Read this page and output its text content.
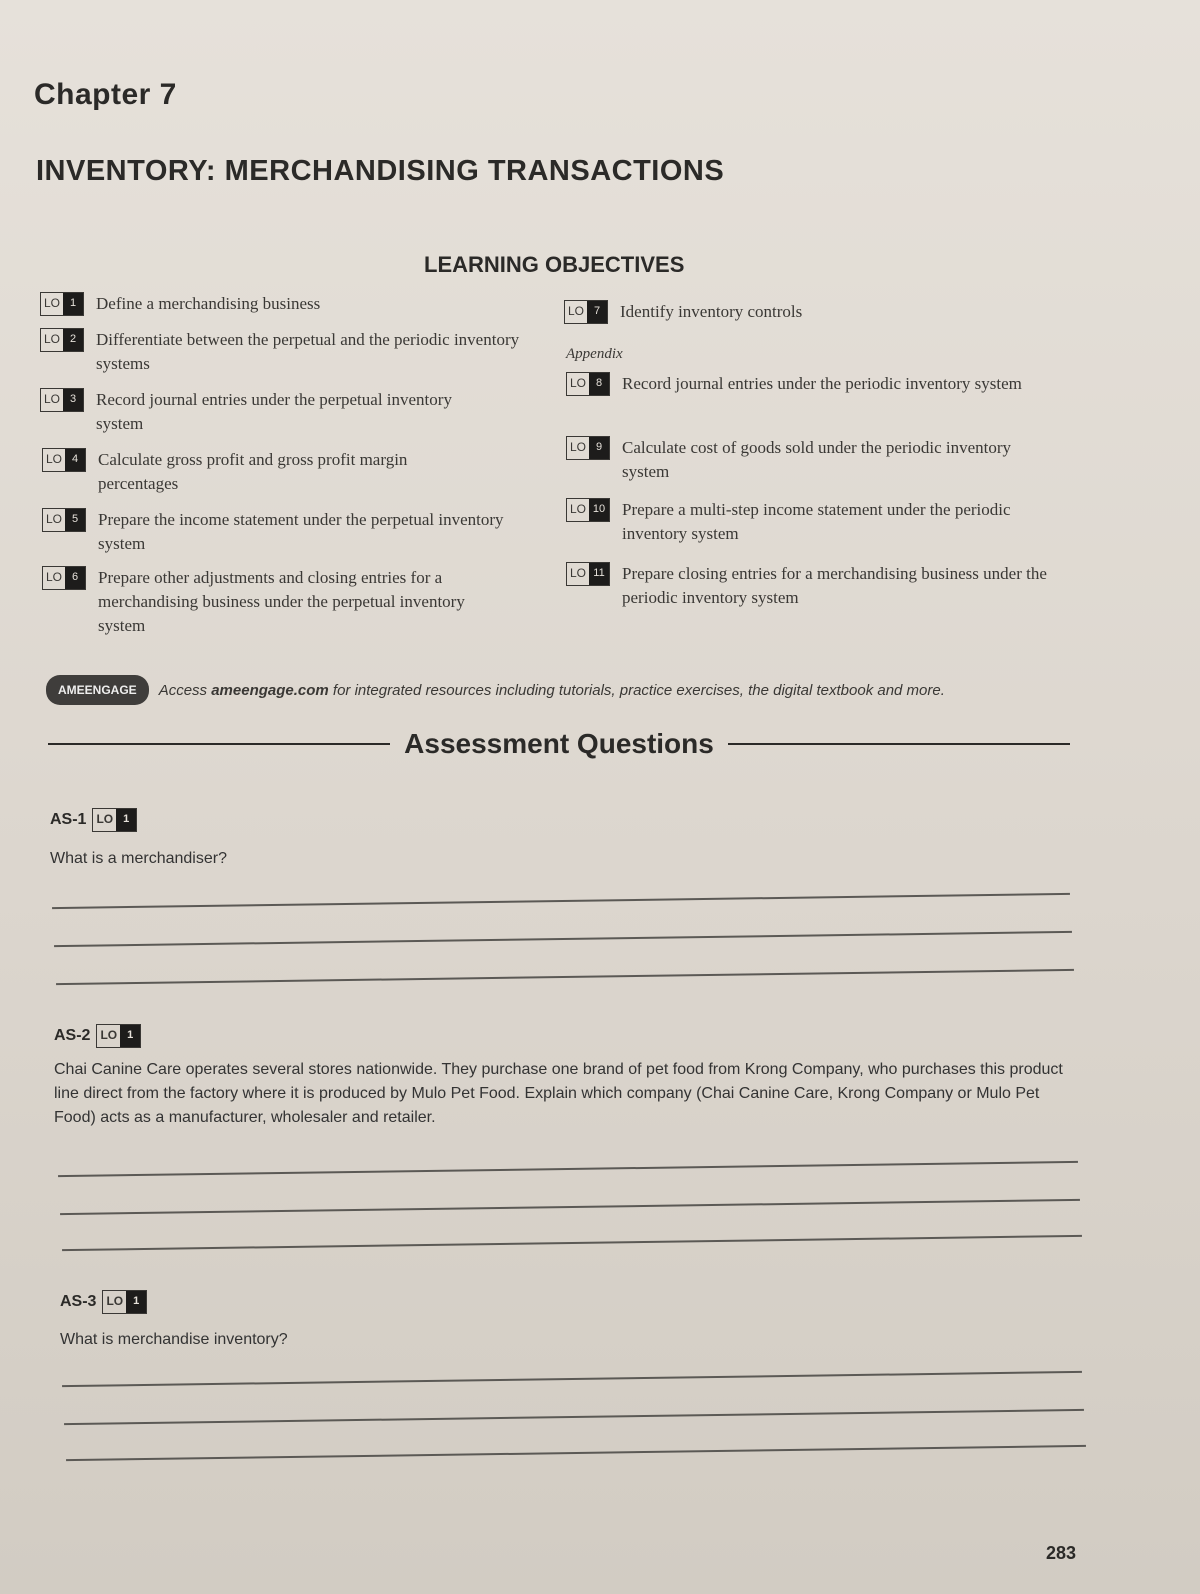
Chapter 7
INVENTORY: MERCHANDISING TRANSACTIONS
LEARNING OBJECTIVES
LO 1	Define a merchandising business
LO 2	Differentiate between the perpetual and the periodic inventory systems
LO 3	Record journal entries under the perpetual inventory system
LO 4	Calculate gross profit and gross profit margin percentages
LO 5	Prepare the income statement under the perpetual inventory system
LO 6	Prepare other adjustments and closing entries for a merchandising business under the perpetual inventory system
LO 7	Identify inventory controls
Appendix
LO 8	Record journal entries under the periodic inventory system
LO 9	Calculate cost of goods sold under the periodic inventory system
LO 10 Prepare a multi-step income statement under the periodic inventory system
LO 11 Prepare closing entries for a merchandising business under the periodic inventory system
AMEENGAGE	Access ameengage.com for integrated resources including tutorials, practice exercises, the digital textbook and more.
Assessment Questions
AS-1 LO 1
What is a merchandiser?
AS-2 LO 1
Chai Canine Care operates several stores nationwide. They purchase one brand of pet food from Krong Company, who purchases this product line direct from the factory where it is produced by Mulo Pet Food. Explain which company (Chai Canine Care, Krong Company or Mulo Pet Food) acts as a manufacturer, wholesaler and retailer.
AS-3 LO 1
What is merchandise inventory?
283
